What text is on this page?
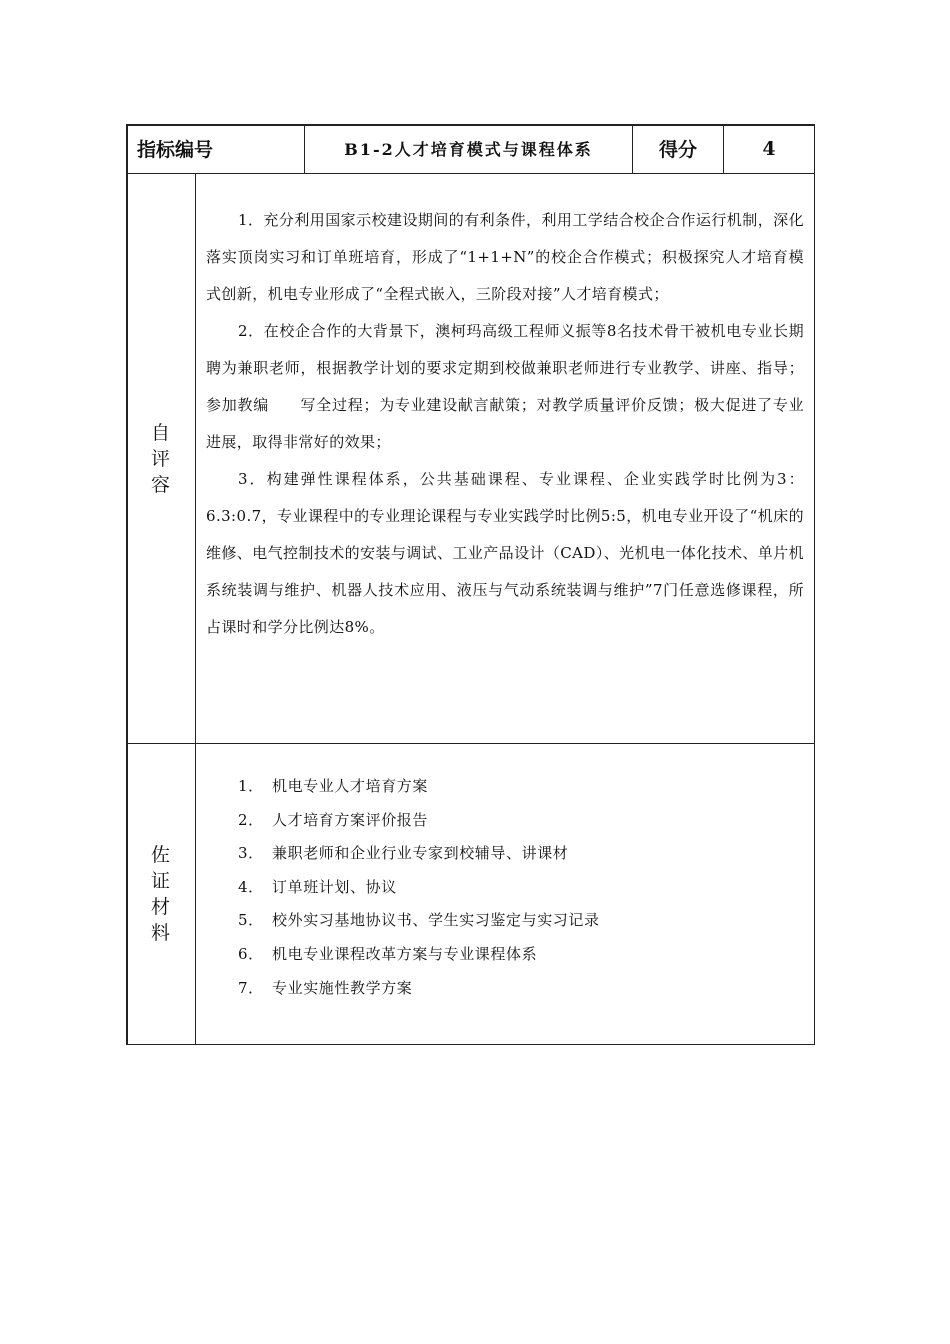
指标编号	B1-2人才培育模式与课程体系	得分	4
自
评
容

1．充分利用国家示校建设期间的有利条件，利用工学结合校企合作运行机制，深化落实顶岗实习和订单班培育，形成了“1+1+N”的校企合作模式；积极探究人才培育模式创新，机电专业形成了“全程式嵌入，三阶段对接”人才培育模式；

2．在校企合作的大背景下，澳柯玛高级工程师义振等8名技术骨干被机电专业长期聘为兼职老师，根据教学计划的要求定期到校做兼职老师进行专业教学、讲座、指导；参加教编　　写全过程；为专业建设献言献策；对教学质量评价反馈；极大促进了专业进展，取得非常好的效果；

3．构建弹性课程体系，公共基础课程、专业课程、企业实践学时比例为3：6.3:0.7，专业课程中的专业理论课程与专业实践学时比例5:5，机电专业开设了“机床的维修、电气控制技术的安装与调试、工业产品设计（CAD）、光机电一体化技术、单片机系统装调与维护、机器人技术应用、液压与气动系统装调与维护”7门任意选修课程，所占课时和学分比例达8%。

佐
证
材
料
1． 机电专业人才培育方案
2． 人才培育方案评价报告
3． 兼职老师和企业行业专家到校辅导、讲课材
4． 订单班计划、协议
5． 校外实习基地协议书、学生实习鉴定与实习记录
6． 机电专业课程改革方案与专业课程体系
7． 专业实施性教学方案
